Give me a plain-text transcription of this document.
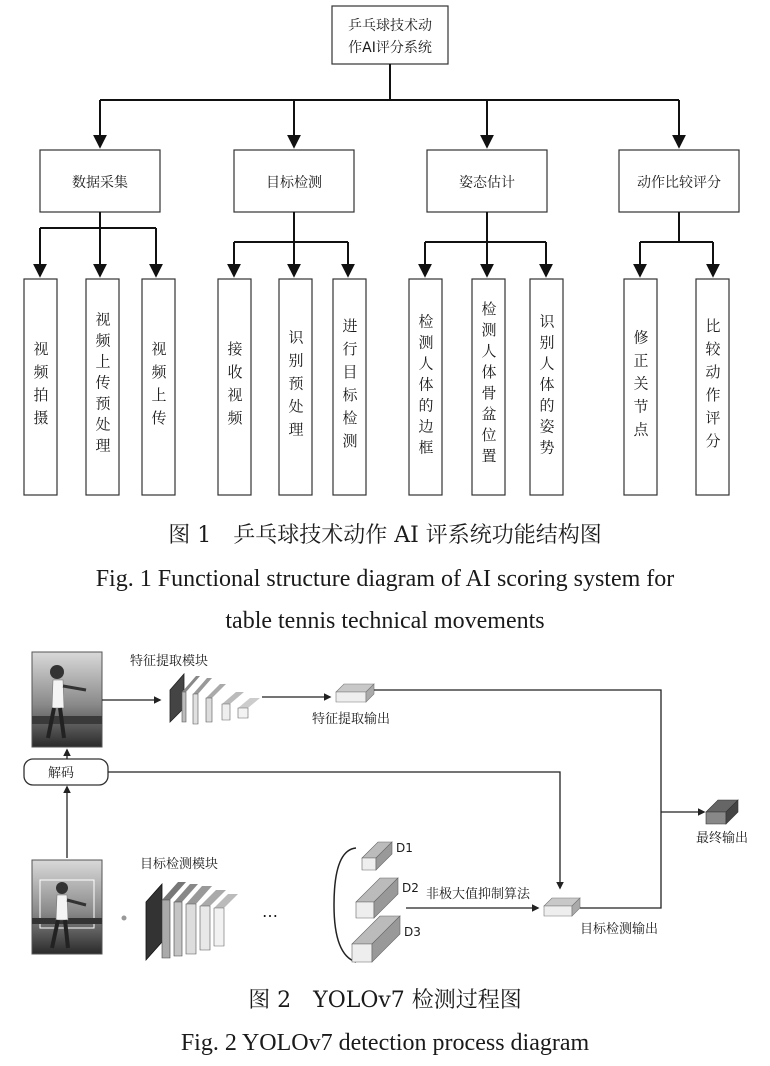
乒乓球技术动
作AI评分系统
数据采集	目标检测	姿态估计	动作比较评分
视频拍摄	视频上传预处理	视频上传	接收视频	识别预处理 进行目标检测	检测人体的边框	检测人体骨盆位置	识别人体的姿势	修正关节点	比较动作评分
图 1　乒乓球技术动作 AI 评系统功能结构图
Fig. 1 Functional structure diagram of AI scoring system for
table tennis technical movements
特征提取模块
特征提取输出
解码
目标检测模块
…
D1
D2
D3
非极大值抑制算法
目标检测输出
最终输出
图 2　YOLOv7 检测过程图
Fig. 2 YOLOv7 detection process diagram
